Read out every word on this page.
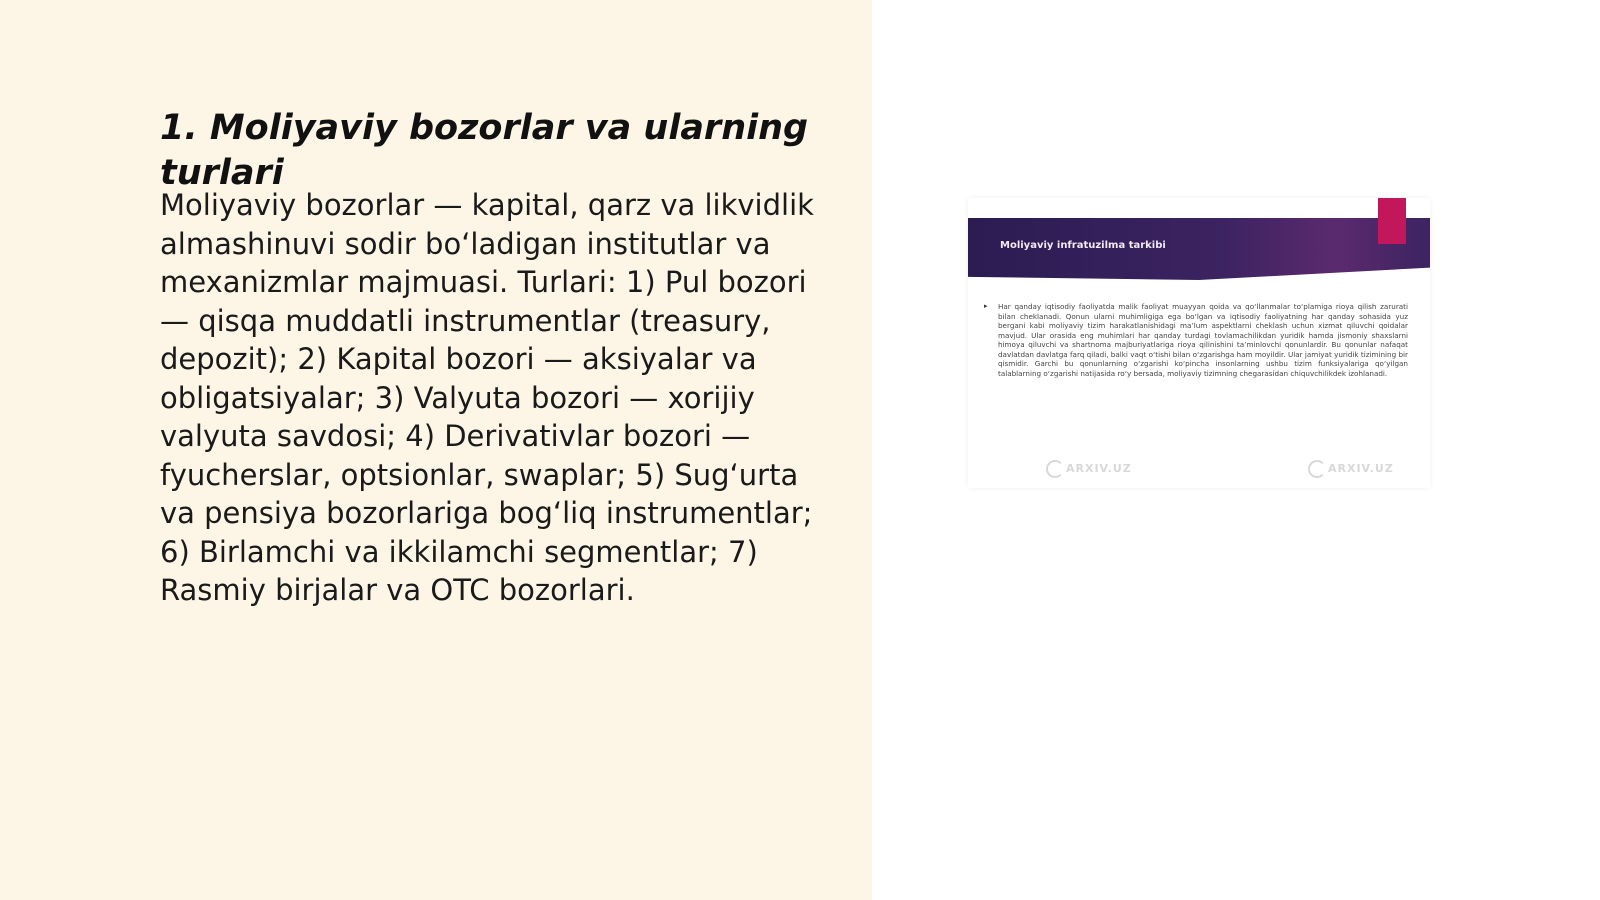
1. Moliyaviy bozorlar va ularning turlari

Moliyaviy bozorlar — kapital, qarz va likvidlik almashinuvi sodir bo‘ladigan institutlar va mexanizmlar majmuasi. Turlari: 1) Pul bozori — qisqa muddatli instrumentlar (treasury, depozit); 2) Kapital bozori — aksiyalar va obligatsiyalar; 3) Valyuta bozori — xorijiy valyuta savdosi; 4) Derivativlar bozori — fyucherslar, optsionlar, swaplar; 5) Sug‘urta va pensiya bozorlariga bog‘liq instrumentlar; 6) Birlamchi va ikkilamchi segmentlar; 7) Rasmiy birjalar va OTC bozorlari.

Moliyaviy infratuzilma tarkibi
▸ Har qanday iqtisodiy faoliyatda malik faoliyat muayyan qoida va qo‘llanmalar to‘plamiga rioya qilish zarurati bilan cheklanadi. Qonun ularni muhimligiga ega bo‘lgan va iqtisodiy faoliyatning har qanday sohasida yuz bergani kabi moliyaviy tizim harakatlanishidagi ma’lum aspektlarni cheklash uchun xizmat qiluvchi qoidalar mavjud. Ular orasida eng muhimlari har qanday turdagi tovlamachilikdan yuridik hamda jismoniy shaxslarni himoya qiluvchi va shartnoma majburiyatlariga rioya qilinishini ta’minlovchi qonunlardir. Bu qonunlar nafaqat davlatdan davlatga farq qiladi, balki vaqt o‘tishi bilan o‘zgarishga ham moyildir. Ular jamiyat yuridik tizimining bir qismidir. Garchi bu qonunlarning o‘zgarishi ko‘pincha insonlarning ushbu tizim funksiyalariga qo‘yilgan talablarning o‘zgarishi natijasida ro‘y bersada, moliyaviy tizimning chegarasidan chiquvchilikdek izohlanadi.
ARXIV.UZ	ARXIV.UZ
